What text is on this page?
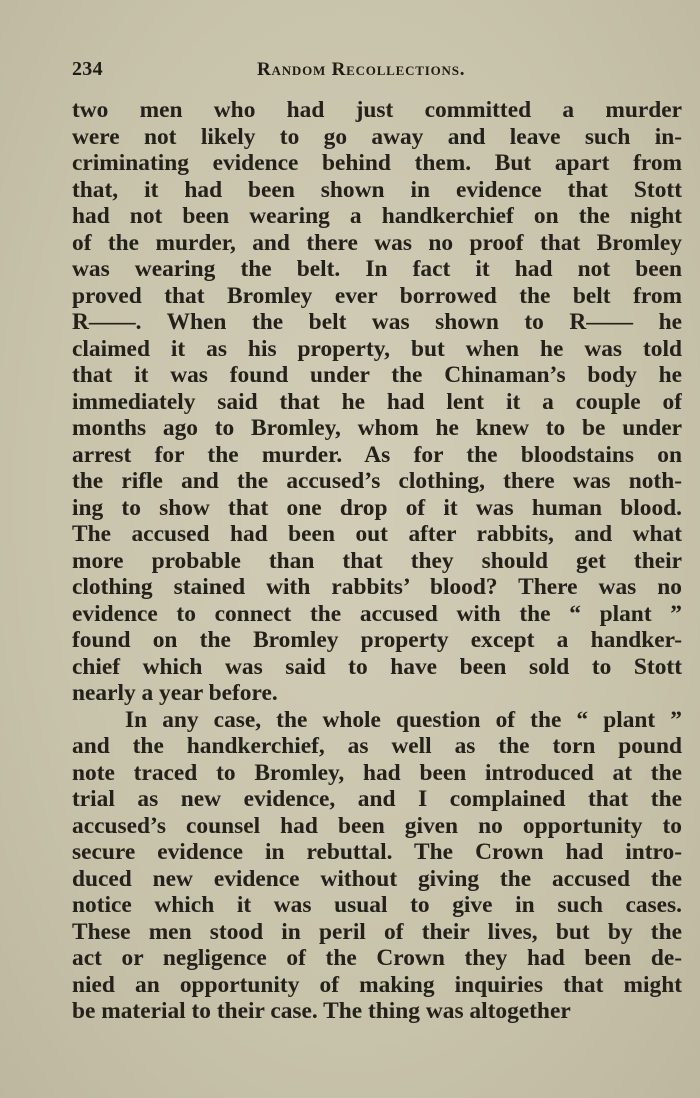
234	Random Recollections.
two men who had just committed a murder
were not likely to go away and leave such in-
criminating evidence behind them. But apart from
that, it had been shown in evidence that Stott
had not been wearing a handkerchief on the night
of the murder, and there was no proof that Bromley
was wearing the belt. In fact it had not been
proved that Bromley ever borrowed the belt from
R——. When the belt was shown to R—— he
claimed it as his property, but when he was told
that it was found under the Chinaman’s body he
immediately said that he had lent it a couple of
months ago to Bromley, whom he knew to be under
arrest for the murder. As for the bloodstains on
the rifle and the accused’s clothing, there was noth-
ing to show that one drop of it was human blood.
The accused had been out after rabbits, and what
more probable than that they should get their
clothing stained with rabbits’ blood? There was no
evidence to connect the accused with the “ plant ”
found on the Bromley property except a handker-
chief which was said to have been sold to Stott
nearly a year before.
In any case, the whole question of the “ plant ”
and the handkerchief, as well as the torn pound
note traced to Bromley, had been introduced at the
trial as new evidence, and I complained that the
accused’s counsel had been given no opportunity to
secure evidence in rebuttal. The Crown had intro-
duced new evidence without giving the accused the
notice which it was usual to give in such cases.
These men stood in peril of their lives, but by the
act or negligence of the Crown they had been de-
nied an opportunity of making inquiries that might
be material to their case. The thing was altogether
